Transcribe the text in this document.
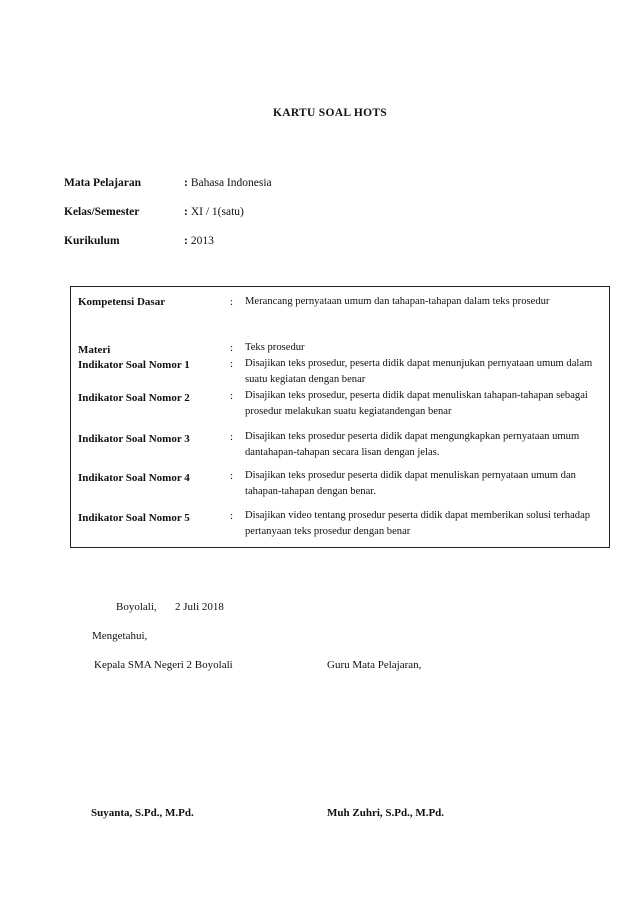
KARTU SOAL HOTS
Mata Pelajaran	: Bahasa Indonesia
Kelas/Semester	: XI / 1(satu)
Kurikulum	: 2013
Kompetensi Dasar	: Merancang pernyataan umum dan tahapan-tahapan dalam teks prosedur
Materi	: Teks prosedur
Indikator Soal Nomor 1	: Disajikan teks prosedur, peserta didik dapat menunjukan pernyataan umum dalam suatu kegiatan dengan benar
Indikator Soal Nomor 2	: Disajikan teks prosedur, peserta didik dapat menuliskan tahapan-tahapan sebagai prosedur melakukan suatu kegiatandengan benar
Indikator Soal Nomor 3	: Disajikan teks prosedur peserta didik dapat mengungkapkan pernyataan umum dantahapan-tahapan secara lisan dengan jelas.
Indikator Soal Nomor 4	: Disajikan teks prosedur peserta didik dapat menuliskan pernyataan umum dan tahapan-tahapan dengan benar.
Indikator Soal Nomor 5	: Disajikan video tentang prosedur peserta didik dapat memberikan solusi terhadap pertanyaan teks prosedur dengan benar
Boyolali, 2 Juli 2018
Mengetahui,
Kepala SMA Negeri 2 Boyolali	Guru Mata Pelajaran,
Suyanta, S.Pd., M.Pd.	Muh Zuhri, S.Pd., M.Pd.
